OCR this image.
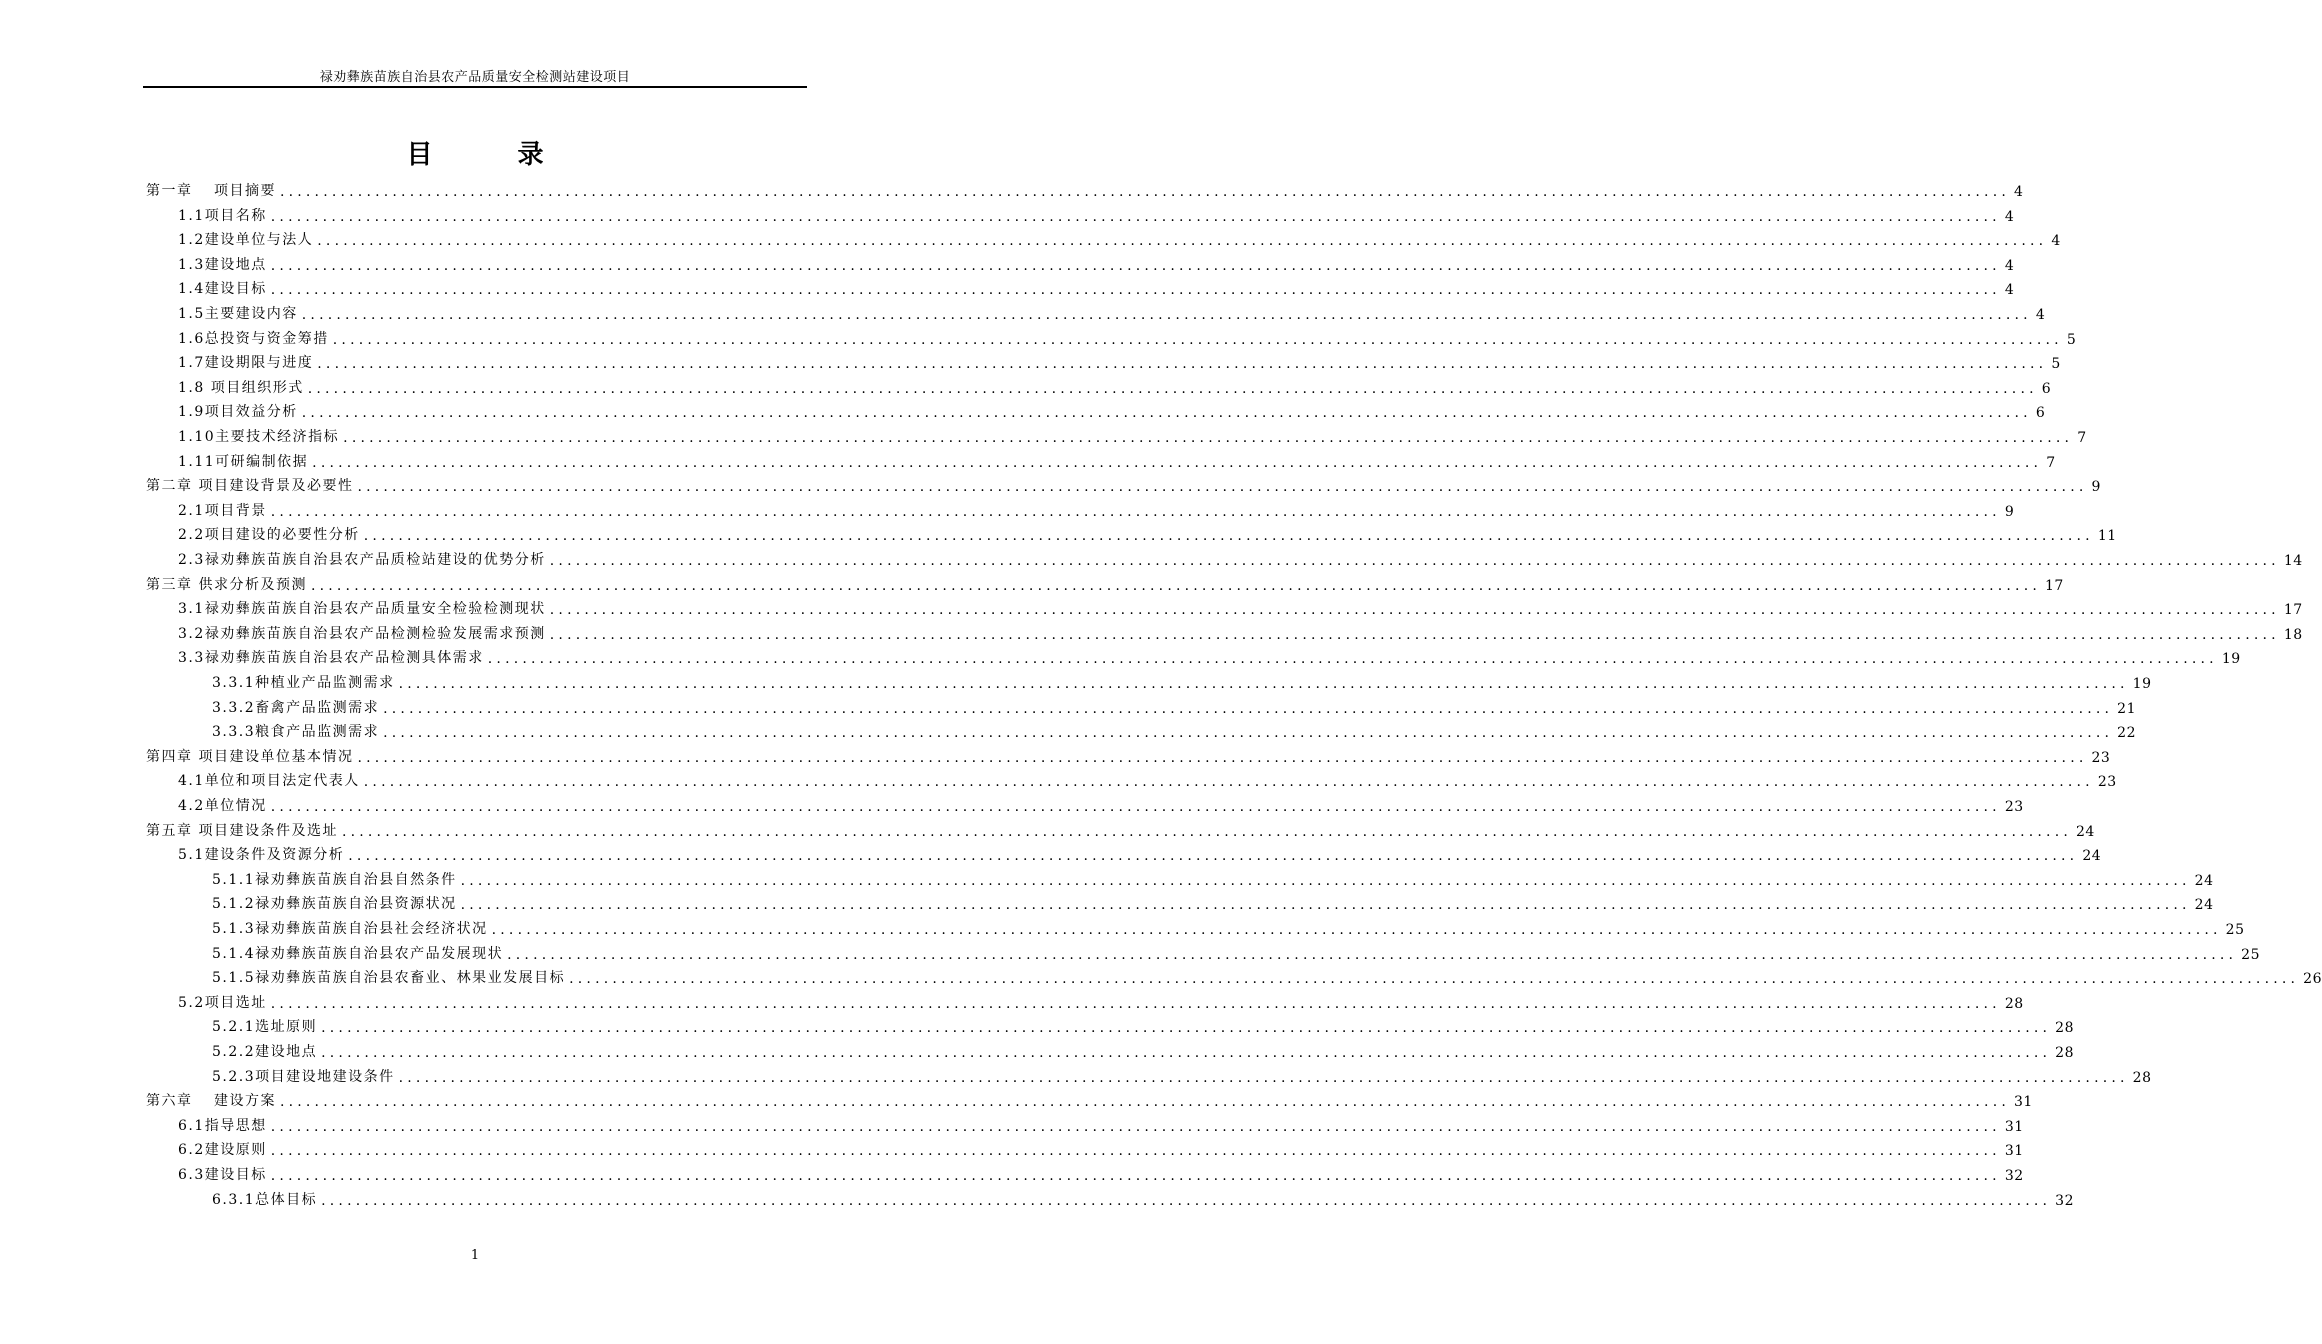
禄劝彝族苗族自治县农产品质量安全检测站建设项目
目 录
第一章　 项目摘要 ........................................................................................................................................................................................................ 4
1.1项目名称 ........................................................................................................................................................................................................ 4
1.2建设单位与法人 ........................................................................................................................................................................................................ 4
1.3建设地点 ........................................................................................................................................................................................................ 4
1.4建设目标 ........................................................................................................................................................................................................ 4
1.5主要建设内容 ........................................................................................................................................................................................................ 4
1.6总投资与资金筹措 ........................................................................................................................................................................................................ 5
1.7建设期限与进度 ........................................................................................................................................................................................................ 5
1.8 项目组织形式 ........................................................................................................................................................................................................ 6
1.9项目效益分析 ........................................................................................................................................................................................................ 6
1.10主要技术经济指标 ........................................................................................................................................................................................................ 7
1.11可研编制依据 ........................................................................................................................................................................................................ 7
第二章 项目建设背景及必要性 ........................................................................................................................................................................................................ 9
2.1项目背景 ........................................................................................................................................................................................................ 9
2.2项目建设的必要性分析 ........................................................................................................................................................................................................ 11
2.3禄劝彝族苗族自治县农产品质检站建设的优势分析 ........................................................................................................................................................................................................ 14
第三章 供求分析及预测 ........................................................................................................................................................................................................ 17
3.1禄劝彝族苗族自治县农产品质量安全检验检测现状 ........................................................................................................................................................................................................ 17
3.2禄劝彝族苗族自治县农产品检测检验发展需求预测 ........................................................................................................................................................................................................ 18
3.3禄劝彝族苗族自治县农产品检测具体需求 ........................................................................................................................................................................................................ 19
3.3.1种植业产品监测需求 ........................................................................................................................................................................................................ 19
3.3.2畜禽产品监测需求 ........................................................................................................................................................................................................ 21
3.3.3粮食产品监测需求 ........................................................................................................................................................................................................ 22
第四章 项目建设单位基本情况 ........................................................................................................................................................................................................ 23
4.1单位和项目法定代表人 ........................................................................................................................................................................................................ 23
4.2单位情况 ........................................................................................................................................................................................................ 23
第五章 项目建设条件及选址 ........................................................................................................................................................................................................ 24
5.1建设条件及资源分析 ........................................................................................................................................................................................................ 24
5.1.1禄劝彝族苗族自治县自然条件 ........................................................................................................................................................................................................ 24
5.1.2禄劝彝族苗族自治县资源状况 ........................................................................................................................................................................................................ 24
5.1.3禄劝彝族苗族自治县社会经济状况 ........................................................................................................................................................................................................ 25
5.1.4禄劝彝族苗族自治县农产品发展现状 ........................................................................................................................................................................................................ 25
5.1.5禄劝彝族苗族自治县农畜业、林果业发展目标 ........................................................................................................................................................................................................ 26
5.2项目选址 ........................................................................................................................................................................................................ 28
5.2.1选址原则 ........................................................................................................................................................................................................ 28
5.2.2建设地点 ........................................................................................................................................................................................................ 28
5.2.3项目建设地建设条件 ........................................................................................................................................................................................................ 28
第六章　 建设方案 ........................................................................................................................................................................................................ 31
6.1指导思想 ........................................................................................................................................................................................................ 31
6.2建设原则 ........................................................................................................................................................................................................ 31
6.3建设目标 ........................................................................................................................................................................................................ 32
6.3.1总体目标 ........................................................................................................................................................................................................ 32
1
